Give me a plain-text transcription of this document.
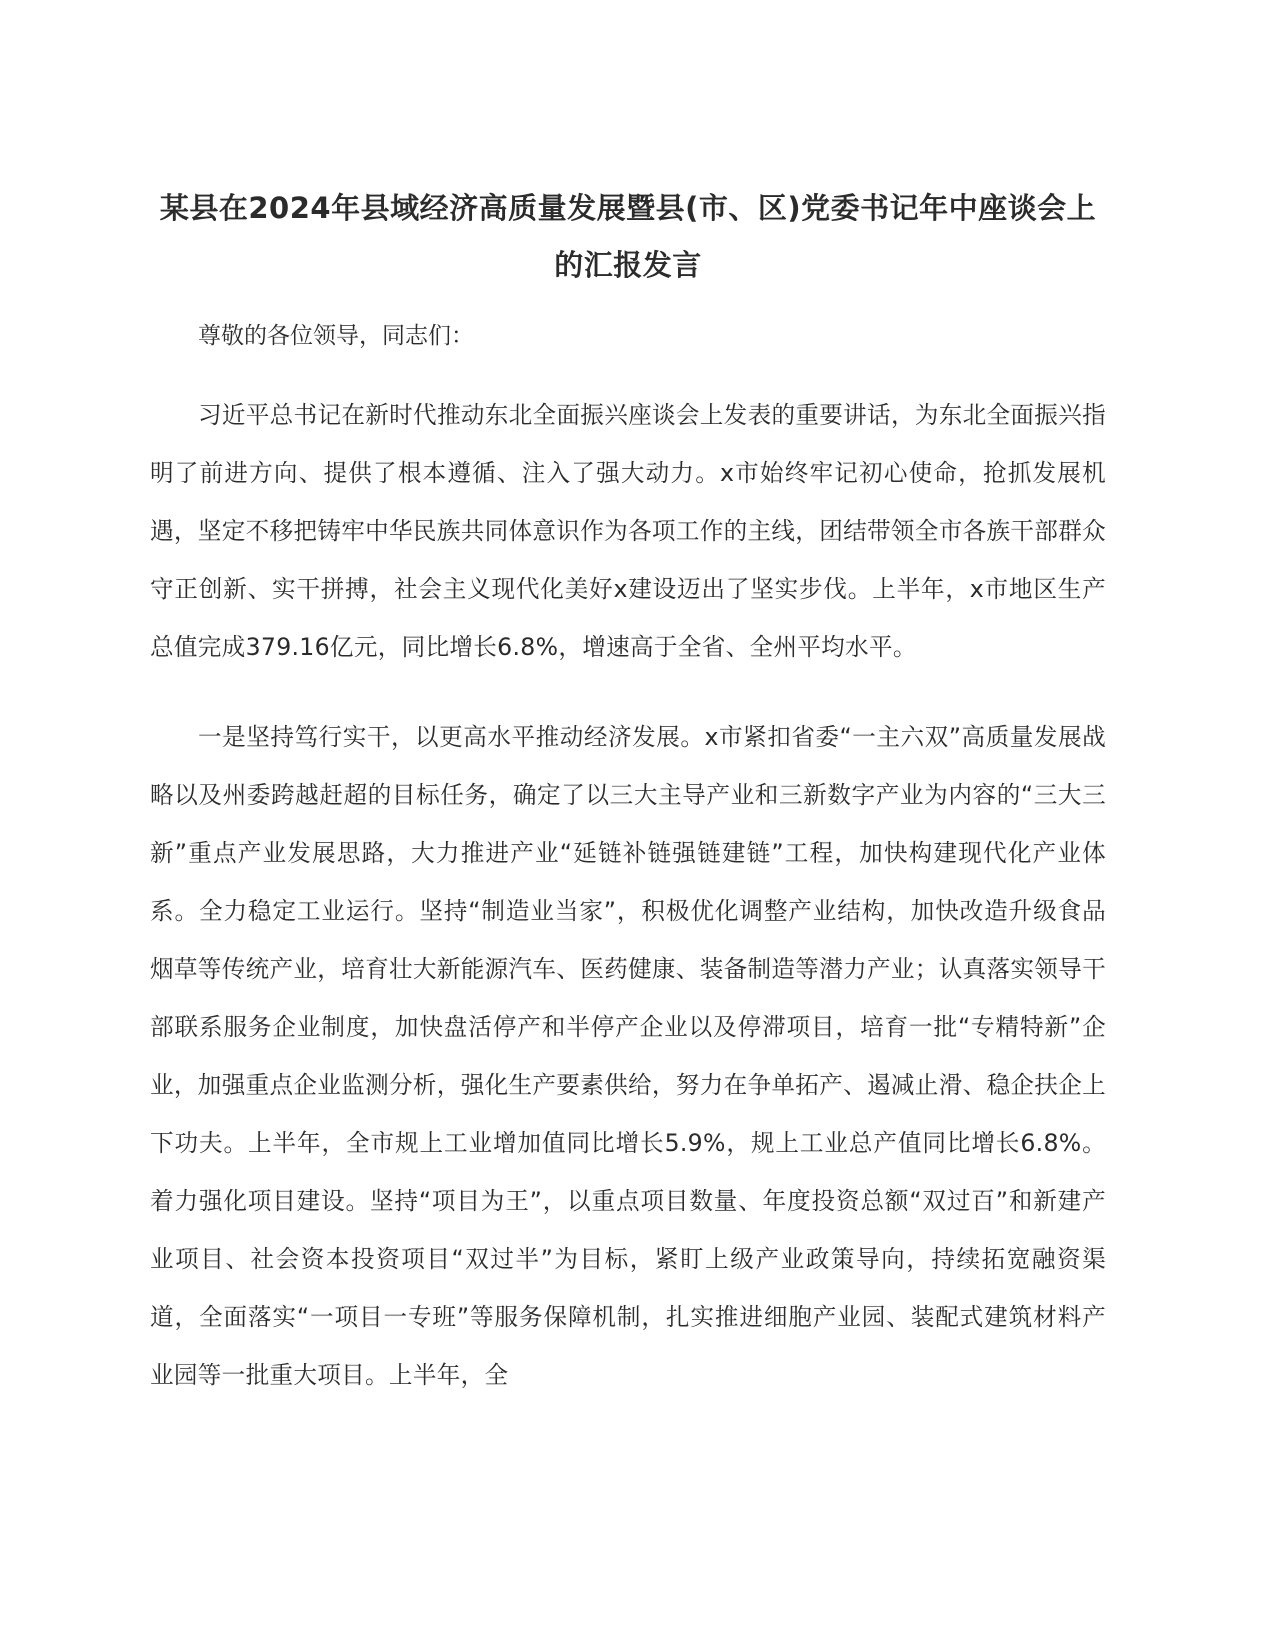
某县在2024年县域经济高质量发展暨县(市、区)党委书记年中座谈会上的汇报发言

尊敬的各位领导，同志们：

习近平总书记在新时代推动东北全面振兴座谈会上发表的重要讲话，为东北全面振兴指明了前进方向、提供了根本遵循、注入了强大动力。x市始终牢记初心使命，抢抓发展机遇，坚定不移把铸牢中华民族共同体意识作为各项工作的主线，团结带领全市各族干部群众守正创新、实干拼搏，社会主义现代化美好x建设迈出了坚实步伐。上半年，x市地区生产总值完成379.16亿元，同比增长6.8%，增速高于全省、全州平均水平。

一是坚持笃行实干，以更高水平推动经济发展。x市紧扣省委“一主六双”高质量发展战略以及州委跨越赶超的目标任务，确定了以三大主导产业和三新数字产业为内容的“三大三新”重点产业发展思路，大力推进产业“延链补链强链建链”工程，加快构建现代化产业体系。全力稳定工业运行。坚持“制造业当家”，积极优化调整产业结构，加快改造升级食品烟草等传统产业，培育壮大新能源汽车、医药健康、装备制造等潜力产业；认真落实领导干部联系服务企业制度，加快盘活停产和半停产企业以及停滞项目，培育一批“专精特新”企业，加强重点企业监测分析，强化生产要素供给，努力在争单拓产、遏减止滑、稳企扶企上下功夫。上半年，全市规上工业增加值同比增长5.9%，规上工业总产值同比增长6.8%。着力强化项目建设。坚持“项目为王”，以重点项目数量、年度投资总额“双过百”和新建产业项目、社会资本投资项目“双过半”为目标，紧盯上级产业政策导向，持续拓宽融资渠道，全面落实“一项目一专班”等服务保障机制，扎实推进细胞产业园、装配式建筑材料产业园等一批重大项目。上半年，全
